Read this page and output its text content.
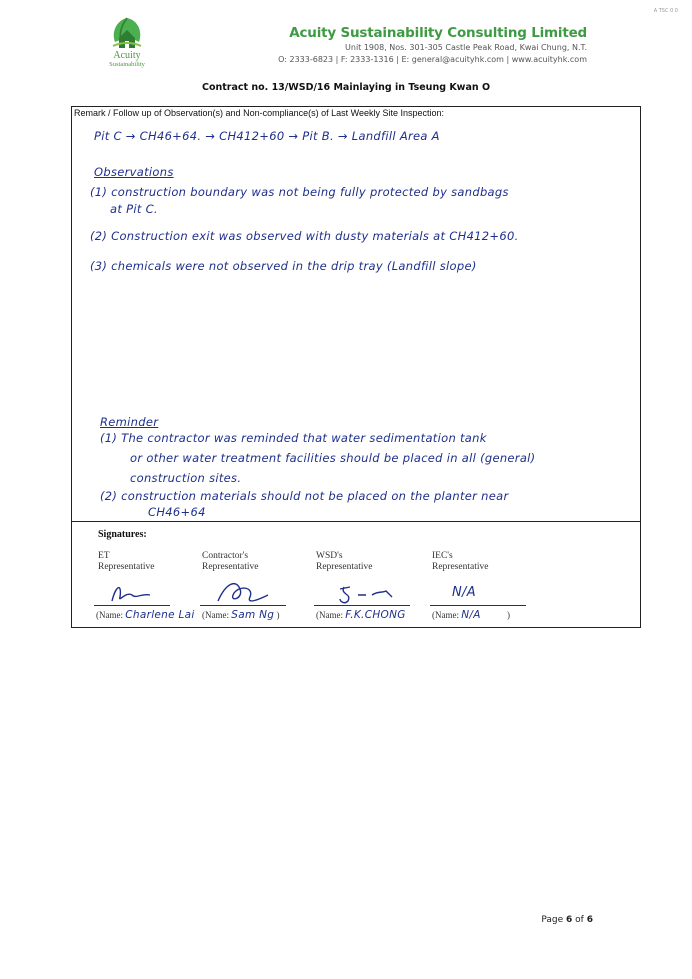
A TSC 0 0
Acuity
Sustainability
Acuity Sustainability Consulting Limited
Unit 1908, Nos. 301-305 Castle Peak Road, Kwai Chung, N.T.
O: 2333-6823 | F: 2333-1316 | E: general@acuityhk.com | www.acuityhk.com
Contract no. 13/WSD/16 Mainlaying in Tseung Kwan O
Remark / Follow up of Observation(s) and Non-compliance(s) of Last Weekly Site Inspection:
Pit C → CH46+64. → CH412+60 → Pit B. → Landfill Area A
Observations
(1) construction boundary was not being fully protected by sandbags
at Pit C.
(2) Construction exit was observed with dusty materials at CH412+60.
(3) chemicals were not observed in the drip tray (Landfill slope)
Reminder
(1) The contractor was reminded that water sedimentation tank
or other water treatment facilities should be placed in all (general)
construction sites.
(2) construction materials should not be placed on the planter near
CH46+64
Signatures:
ET
Representative
(Name: Charlene Lai
Contractor's
Representative
(Name: Sam Ng )
WSD's
Representative
(Name: F.K.CHONG
IEC's
Representative
N/A
(Name: N/A	)
Page 6 of 6
